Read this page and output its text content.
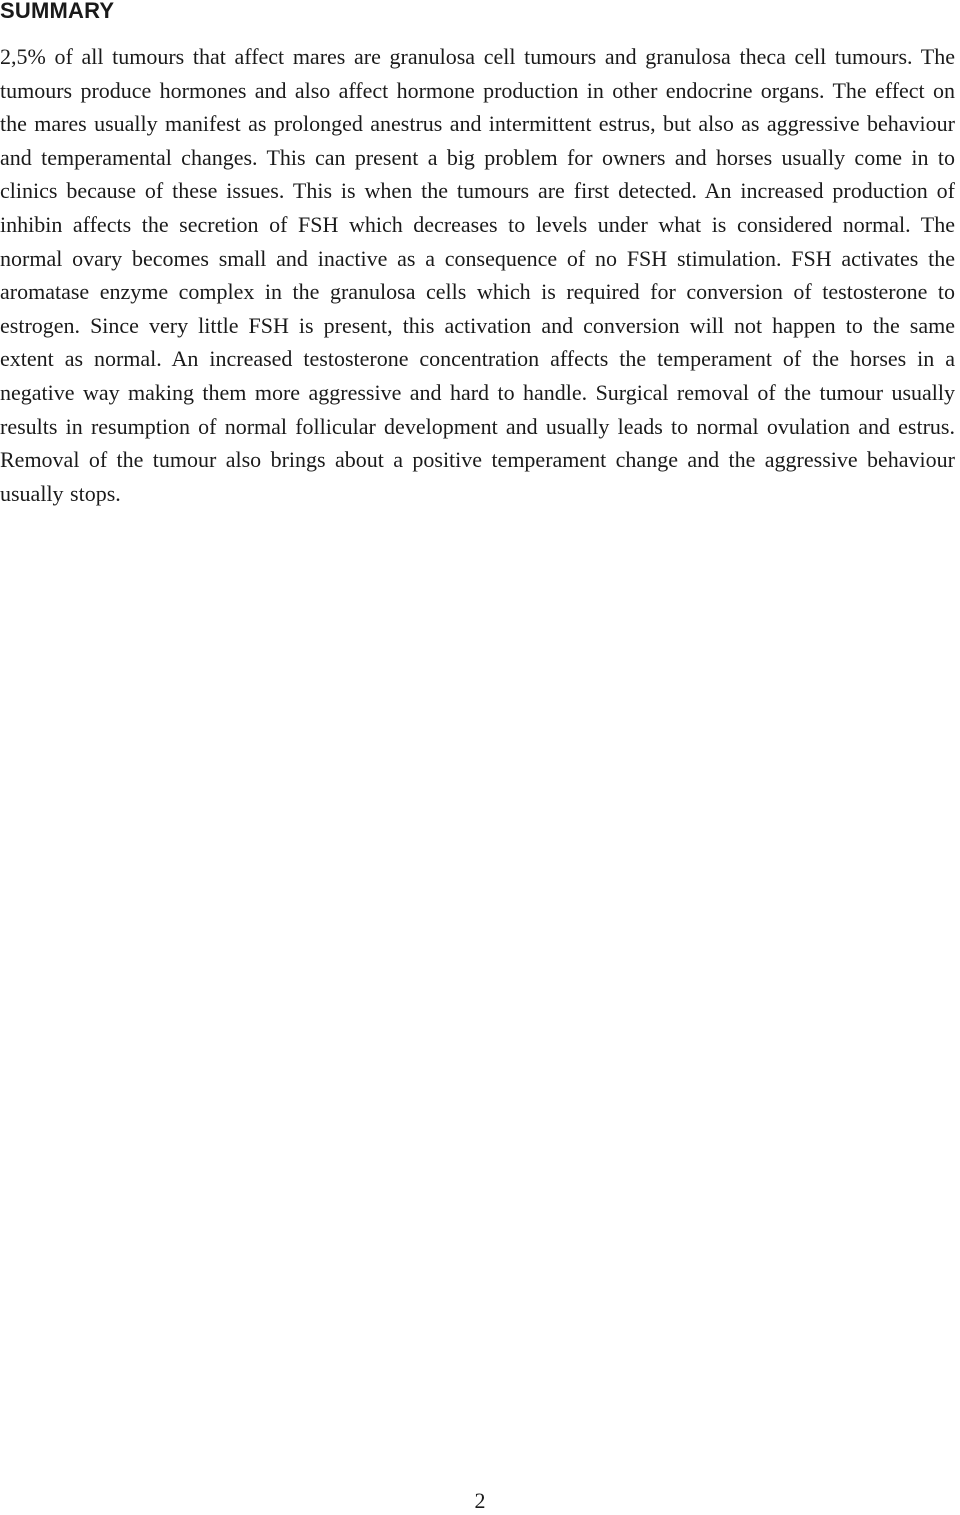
SUMMARY

2,5% of all tumours that affect mares are granulosa cell tumours and granulosa theca cell tumours. The tumours produce hormones and also affect hormone production in other endocrine organs. The effect on the mares usually manifest as prolonged anestrus and intermittent estrus, but also as aggressive behaviour and temperamental changes. This can present a big problem for owners and horses usually come in to clinics because of these issues. This is when the tumours are first detected. An increased production of inhibin affects the secretion of FSH which decreases to levels under what is considered normal. The normal ovary becomes small and inactive as a consequence of no FSH stimulation. FSH activates the aromatase enzyme complex in the granulosa cells which is required for conversion of testosterone to estrogen. Since very little FSH is present, this activation and conversion will not happen to the same extent as normal. An increased testosterone concentration affects the temperament of the horses in a negative way making them more aggressive and hard to handle. Surgical removal of the tumour usually results in resumption of normal follicular development and usually leads to normal ovulation and estrus. Removal of the tumour also brings about a positive temperament change and the aggressive behaviour usually stops.

2
